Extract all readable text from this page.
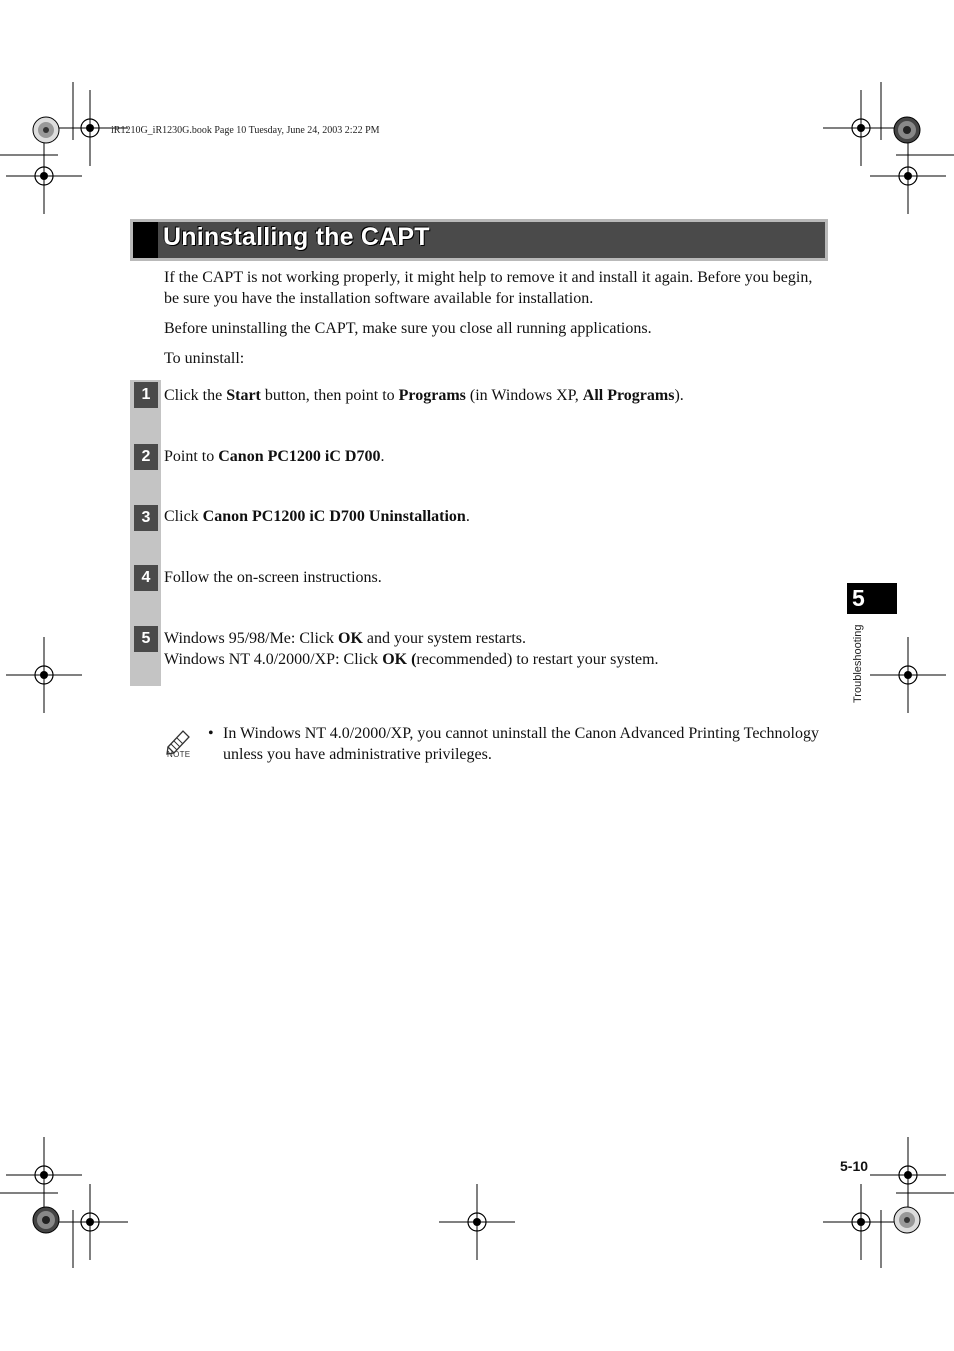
iR1210G_iR1230G.book Page 10 Tuesday, June 24, 2003 2:22 PM
Uninstalling the CAPT
If the CAPT is not working properly, it might help to remove it and install it again. Before you begin, be sure you have the installation software available for installation.
Before uninstalling the CAPT, make sure you close all running applications.
To uninstall:
1 Click the Start button, then point to Programs (in Windows XP, All Programs).
2 Point to Canon PC1200 iC D700.
3 Click Canon PC1200 iC D700 Uninstallation.
4 Follow the on-screen instructions.
5 Windows 95/98/Me: Click OK and your system restarts.
Windows NT 4.0/2000/XP: Click OK (recommended) to restart your system.
NOTE
• In Windows NT 4.0/2000/XP, you cannot uninstall the Canon Advanced Printing Technology unless you have administrative privileges.
5
Troubleshooting
5-10
